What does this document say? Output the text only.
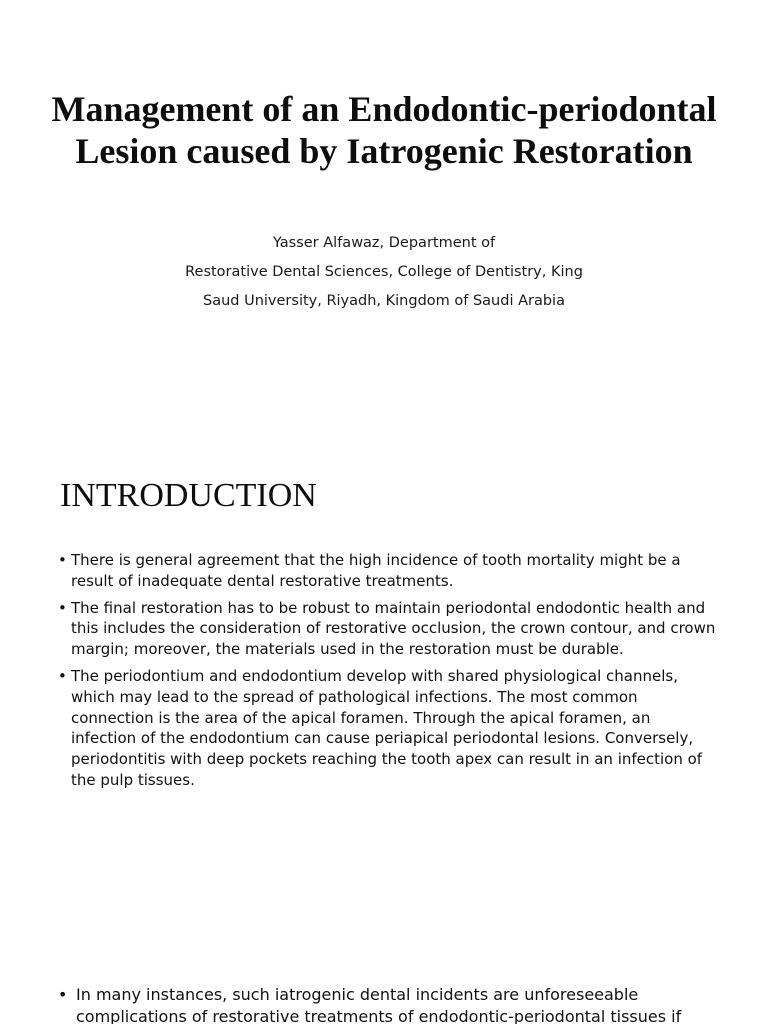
Management of an Endodontic-periodontal Lesion caused by Iatrogenic Restoration
Yasser Alfawaz, Department of
Restorative Dental Sciences, College of Dentistry, King
Saud University, Riyadh, Kingdom of Saudi Arabia
INTRODUCTION
• There is general agreement that the high incidence of tooth mortality might be a result of inadequate dental restorative treatments.
• The final restoration has to be robust to maintain periodontal endodontic health and this includes the consideration of restorative occlusion, the crown contour, and crown margin; moreover, the materials used in the restoration must be durable.
• The periodontium and endodontium develop with shared physiological channels, which may lead to the spread of pathological infections. The most common connection is the area of the apical foramen. Through the apical foramen, an infection of the endodontium can cause periapical periodontal lesions. Conversely, periodontitis with deep pockets reaching the tooth apex can result in an infection of the pulp tissues.
• In many instances, such iatrogenic dental incidents are unforeseeable complications of restorative treatments of endodontic-periodontal tissues if
